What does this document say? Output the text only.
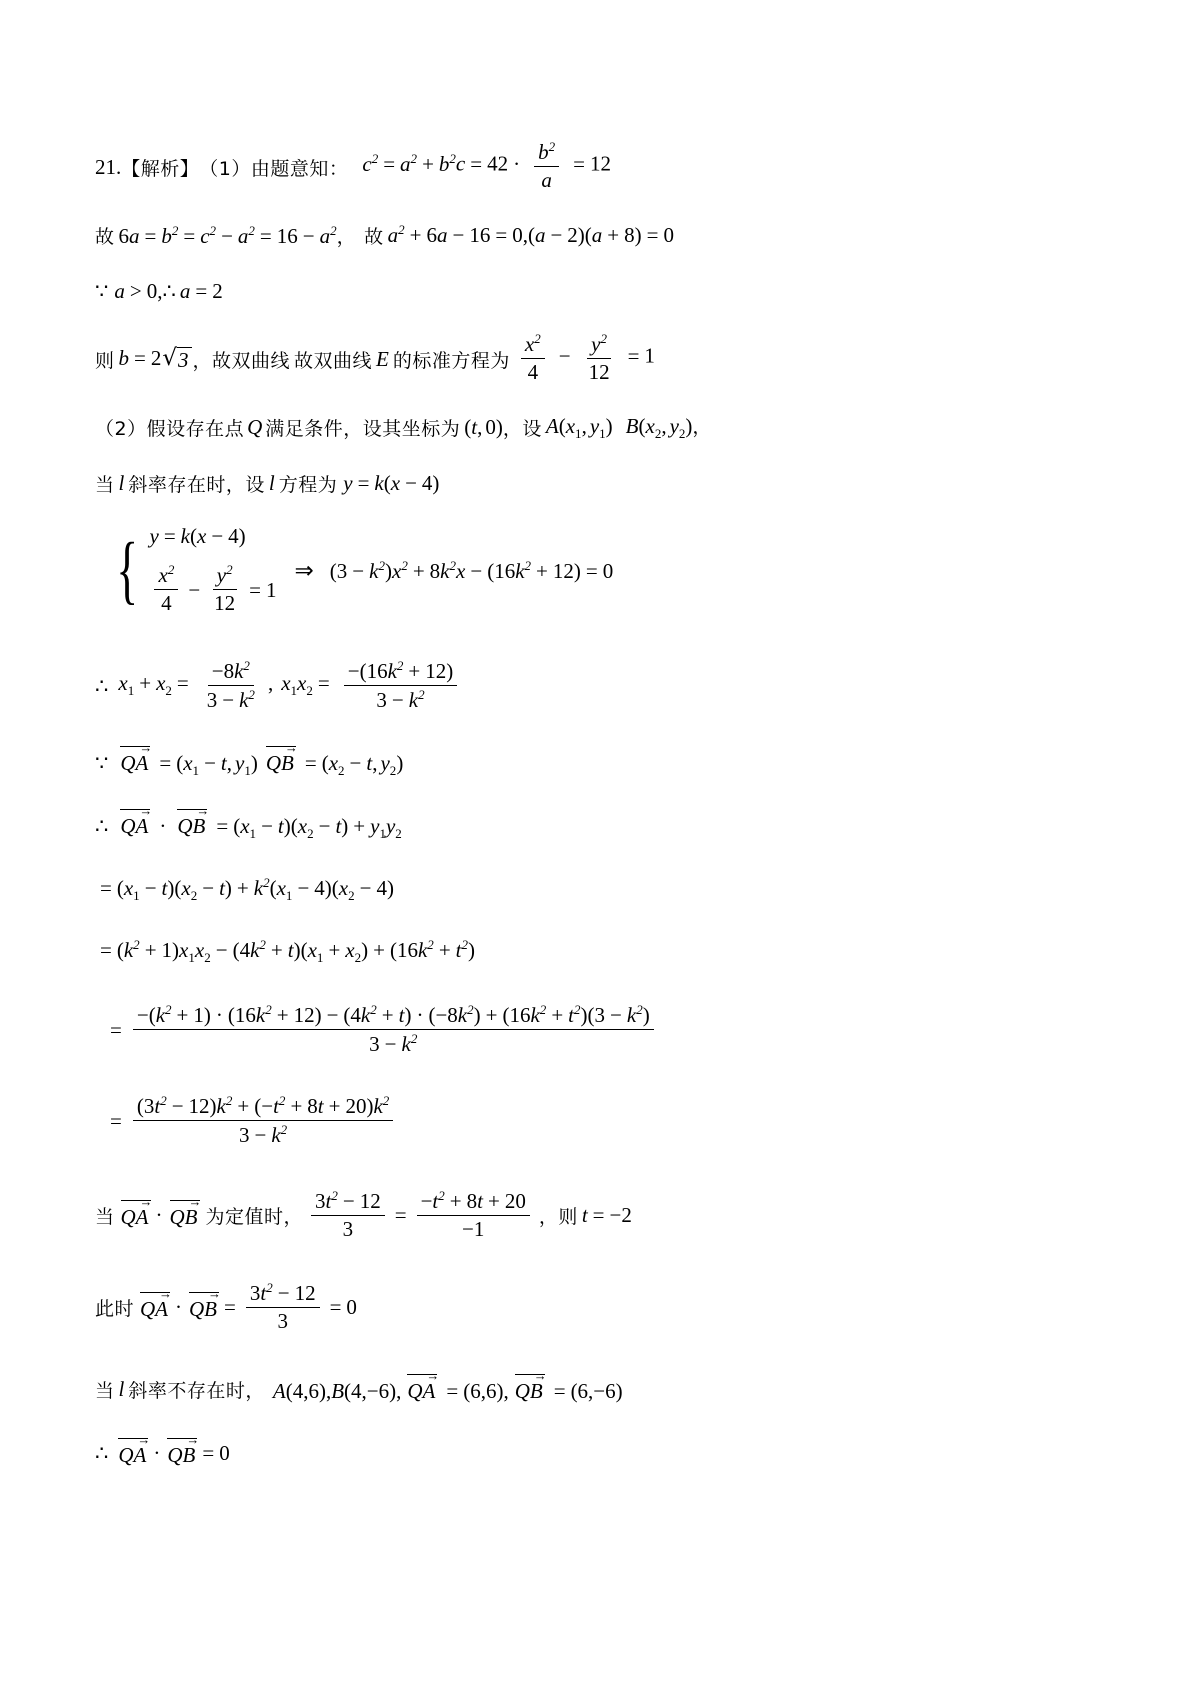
21. 【解析】 （1）由题意知： $c^2 = a^2 + b^2c = 42 \cdot \frac{b^2}{a} = 12$
故 $6a = b^2 = c^2 - a^2 = 16 - a^2$， 故 $a^2 + 6a - 16 = 0,(a - 2)(a + 8) = 0$
∵ a > 0,∴ a = 2
则 b = 2 √ 3 ，故双曲线 故双曲线 E 的标准方程为 $\frac{x^2}{4} - \frac{y^2}{12} = 1$
（2）假设存在点 Q 满足条件，设其坐标为 (t, 0) ，设 $A(x_1$, $y_1$) $B(x_2$, $y_2$)，
当 l 斜率存在时，设 l 方程为 y = k(x − 4)
{ y = k ( x − 4 )
$\frac{x^2}{4} - \frac{y^2}{12} = 1$
⇒ $(3 - k^2)x^2 + 8k^2x - (16k^2 + 12) = 0$
∴ $x_1 + x_2 = \frac{-8k^2}{3 - k^2}$ , $x_1x_2 = \frac{-(16k^2 + 12)}{3 - k^2}$
∵ QA
→
= ($x_1 - t$, $y_1$) QB
→
= ($x_2 - t$, $y_2$)
∴ QA
→
· QB
→
= $(x_1 - t)(x_2 - t) + y_1y_2$
= $(x_1 - t)(x_2 - t) + k^2(x_1 - 4)(x_2 - 4)$
= $(k^2 + 1)x_1x_2 - (4k^2 + t)(x_1 + x_2) + (16k^2 + t^2)$
= $\frac{-(k^2 + 1) \cdot (16k^2 + 12) - (4k^2 + t) \cdot (-8k^2) + (16k^2 + t^2)(3 - k^2)}{3 - k^2}$
= $\frac{(3t^2 - 12)k^2 + (-t^2 + 8t + 20)k^2}{3 - k^2}$
当 QA
→
· QB
→
为定值时， $\frac{3t^2 - 12}{3} = \frac{-t^2 + 8t + 20}{-1}$ ，则 t = −2
此时 QA
→
· QB
→
= $\frac{3t^2 - 12}{3} = 0$
当 l 斜率不存在时， A(4,6),B(4,−6), QA
→
= (6,6), QB
→
= (6,−6)
∴ QA
→
· QB
→
= 0
